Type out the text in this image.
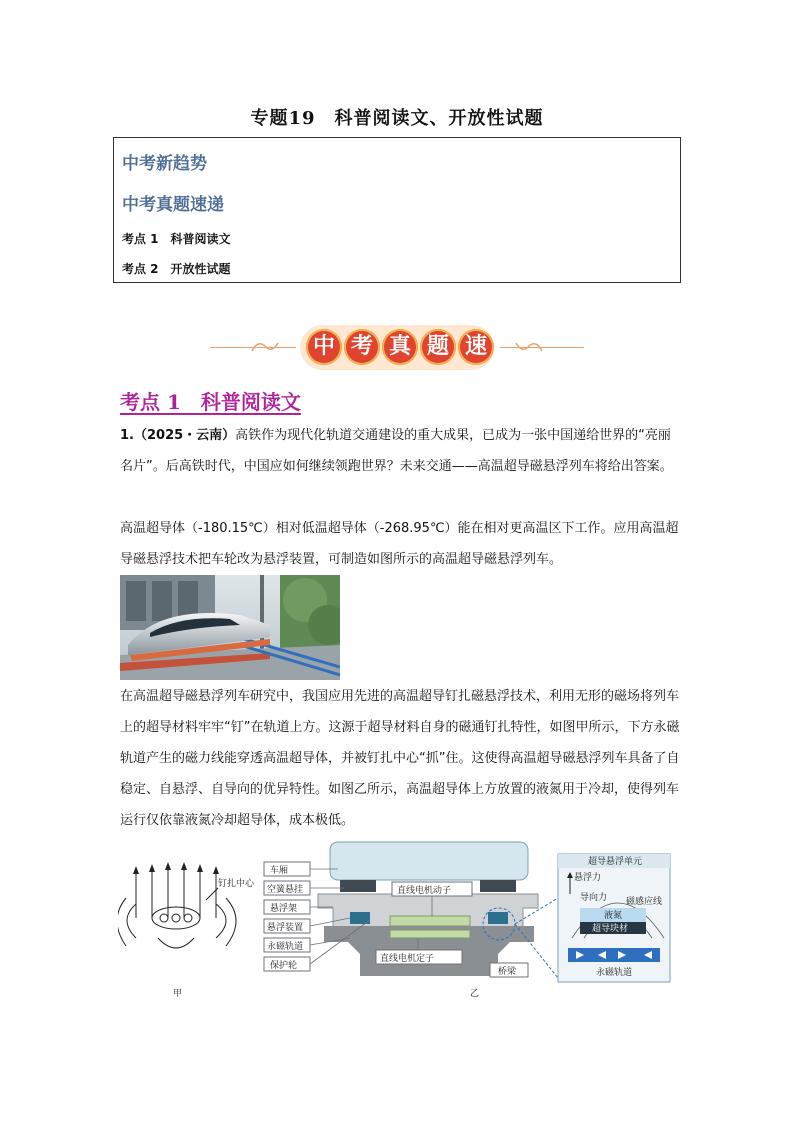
专题19　科普阅读文、开放性试题
中考新趋势
中考真题速递
考点 1　科普阅读文
考点 2　开放性试题
中 考 真 题 速
考点 1　科普阅读文
1.（2025・云南）高铁作为现代化轨道交通建设的重大成果，已成为一张中国递给世界的“亮丽名片”。后高铁时代，中国应如何继续领跑世界？未来交通——高温超导磁悬浮列车将给出答案。
高温超导体（-180.15℃）相对低温超导体（-268.95℃）能在相对更高温区下工作。应用高温超导磁悬浮技术把车轮改为悬浮装置，可制造如图所示的高温超导磁悬浮列车。
在高温超导磁悬浮列车研究中，我国应用先进的高温超导钉扎磁悬浮技术，利用无形的磁场将列车上的超导材料牢牢“钉”在轨道上方。这源于超导材料自身的磁通钉扎特性，如图甲所示，下方永磁轨道产生的磁力线能穿透高温超导体，并被钉扎中心“抓”住。这使得高温超导磁悬浮列车具备了自稳定、自悬浮、自导向的优异特性。如图乙所示，高温超导体上方放置的液氮用于冷却，使得列车运行仅依靠液氮冷却超导体，成本极低。
钉扎中心
甲
车厢
空簧悬挂
悬浮架
悬浮装置
永磁轨道
保护轮
直线电机动子
直线电机定子
桥梁
乙
超导悬浮单元
悬浮力
导向力 磁感应线
液氮
超导块材
永磁轨道
